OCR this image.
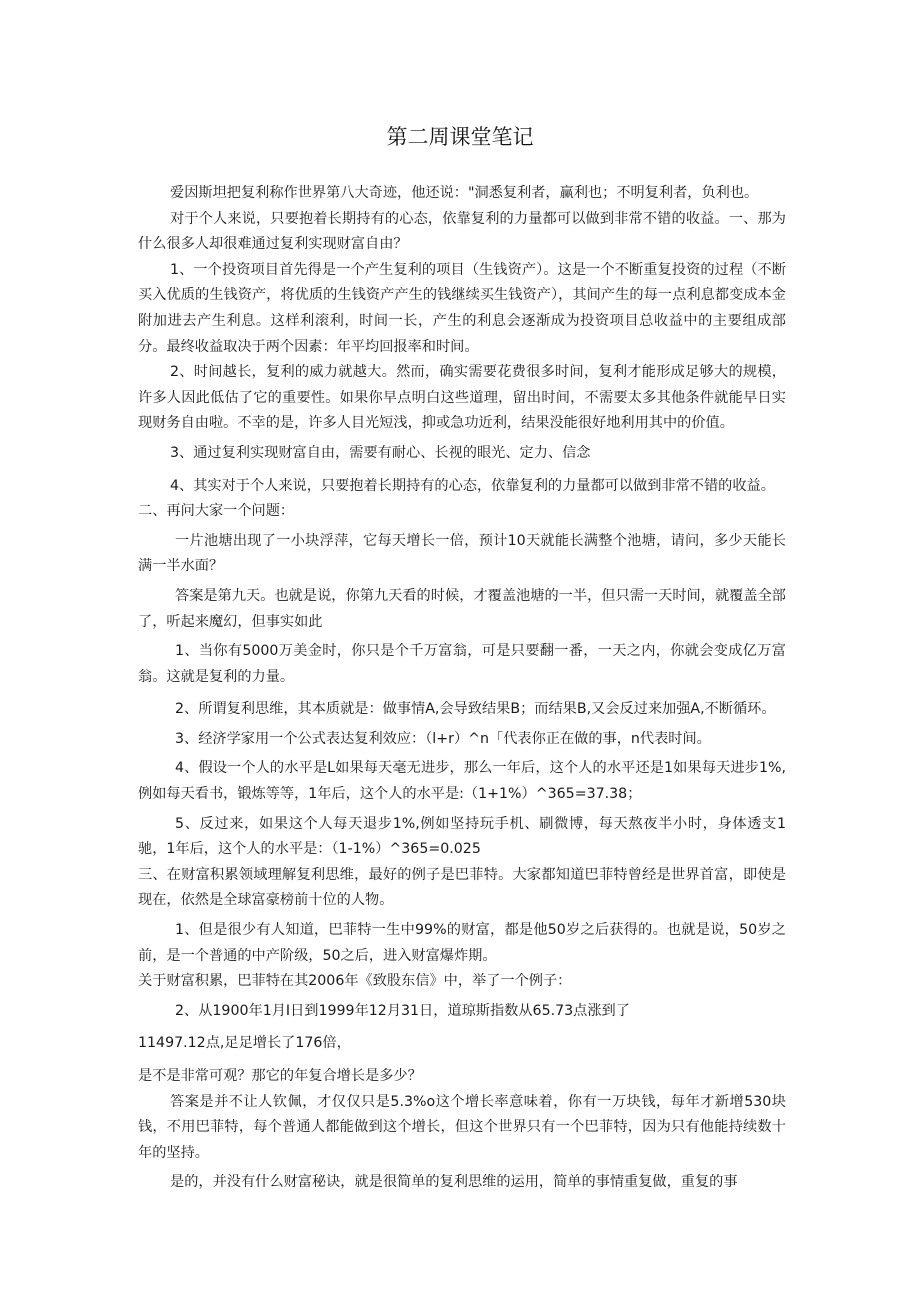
第二周课堂笔记

爱因斯坦把复利称作世界第八大奇迹，他还说："洞悉复利者，赢利也；不明复利者，负利也。

对于个人来说，只要抱着长期持有的心态，依靠复利的力量都可以做到非常不错的收益。一、那为什么很多人却很难通过复利实现财富自由？

1、一个投资项目首先得是一个产生复利的项目（生钱资产）。这是一个不断重复投资的过程（不断买入优质的生钱资产，将优质的生钱资产产生的钱继续买生钱资产），其间产生的每一点利息都变成本金附加进去产生利息。这样利滚利，时间一长，产生的利息会逐渐成为投资项目总收益中的主要组成部分。最终收益取决于两个因素：年平均回报率和时间。

2、时间越长，复利的威力就越大。然而，确实需要花费很多时间，复利才能形成足够大的规模，许多人因此低估了它的重要性。如果你早点明白这些道理，留出时间，不需要太多其他条件就能早日实现财务自由啦。不幸的是，许多人目光短浅，抑或急功近利，结果没能很好地利用其中的价值。

3、通过复利实现财富自由，需要有耐心、长视的眼光、定力、信念

4、其实对于个人来说，只要抱着长期持有的心态，依靠复利的力量都可以做到非常不错的收益。

二、再问大家一个问题：

一片池塘出现了一小块浮萍，它每天增长一倍，预计10天就能长满整个池塘，请问，多少天能长满一半水面？

答案是第九天。也就是说，你第九天看的时候，才覆盖池塘的一半，但只需一天时间，就覆盖全部了，听起来魔幻，但事实如此

1、当你有5000万美金时，你只是个千万富翁，可是只要翻一番，一天之内，你就会变成亿万富翁。这就是复利的力量。

2、所谓复利思维，其本质就是：做事情A,会导致结果B；而结果B,又会反过来加强A,不断循环。

3、经济学家用一个公式表达复利效应：（l+r）^n「代表你正在做的事，n代表时间。

4、假设一个人的水平是L如果每天毫无进步，那么一年后，这个人的水平还是1如果每天进步1%,例如每天看书，锻炼等等，1年后，这个人的水平是:（1+1%）^365=37.38；

5、反过来，如果这个人每天退步1%,例如坚持玩手机、刷微博，每天熬夜半小时，身体透支1驰，1年后，这个人的水平是：（1-1%）^365=0.025

三、在财富积累领域理解复利思维，最好的例子是巴菲特。大家都知道巴菲特曾经是世界首富，即使是现在，依然是全球富豪榜前十位的人物。

1、但是很少有人知道，巴菲特一生中99%的财富，都是他50岁之后获得的。也就是说，50岁之前，是一个普通的中产阶级，50之后，进入财富爆炸期。

关于财富积累，巴菲特在其2006年《致股东信》中，举了一个例子：

2、从1900年1月I日到1999年12月31日，道琼斯指数从65.73点涨到了

11497.12点,足足增长了176倍，

是不是非常可观？那它的年复合增长是多少？

答案是并不让人钦佩，才仅仅只是5.3%o这个增长率意味着，你有一万块钱，每年才新增530块钱，不用巴菲特，每个普通人都能做到这个增长，但这个世界只有一个巴菲特，因为只有他能持续数十年的坚持。

是的，并没有什么财富秘诀，就是很简单的复利思维的运用，简单的事情重复做，重复的事
